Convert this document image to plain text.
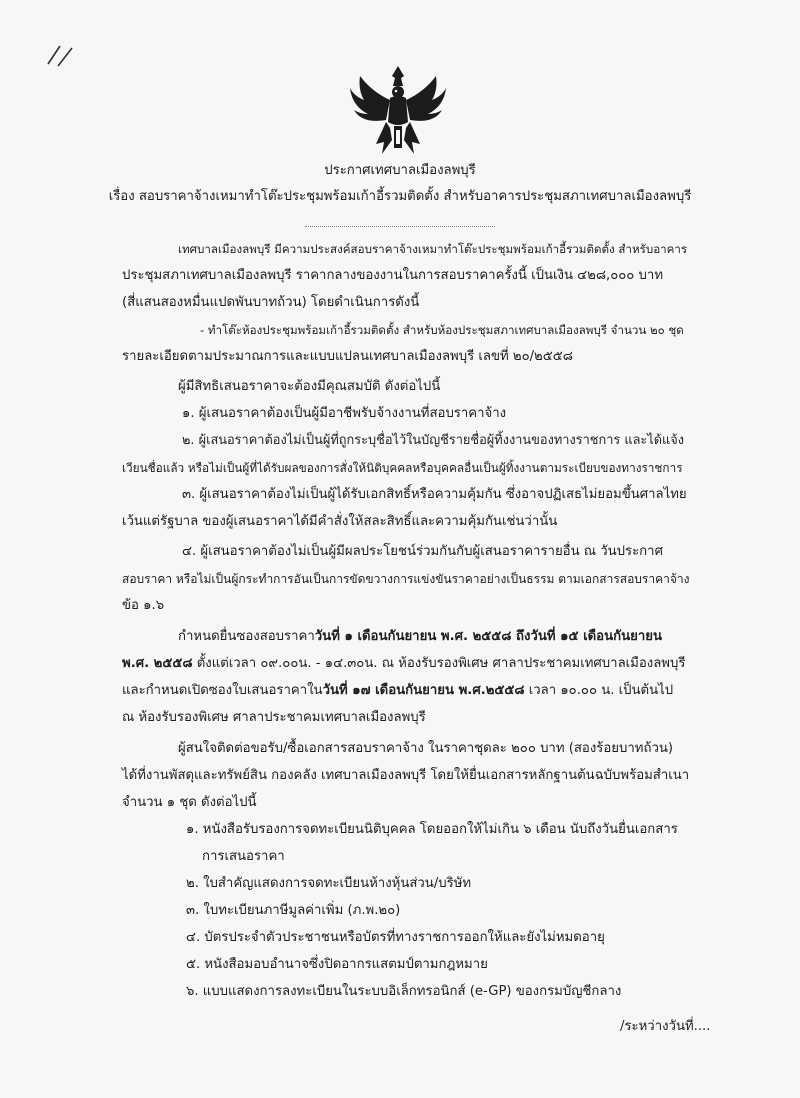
ประกาศเทศบาลเมืองลพบุรี
เรื่อง สอบราคาจ้างเหมาทำโต๊ะประชุมพร้อมเก้าอี้รวมติดตั้ง สำหรับอาคารประชุมสภาเทศบาลเมืองลพบุรี
เทศบาลเมืองลพบุรี มีความประสงค์สอบราคาจ้างเหมาทำโต๊ะประชุมพร้อมเก้าอี้รวมติดตั้ง สำหรับอาคาร
ประชุมสภาเทศบาลเมืองลพบุรี ราคากลางของงานในการสอบราคาครั้งนี้ เป็นเงิน ๔๒๘,๐๐๐ บาท
(สี่แสนสองหมื่นแปดพันบาทถ้วน) โดยดำเนินการดังนี้
- ทำโต๊ะห้องประชุมพร้อมเก้าอี้รวมติดตั้ง สำหรับห้องประชุมสภาเทศบาลเมืองลพบุรี จำนวน ๒๐ ชุด
รายละเอียดตามประมาณการและแบบแปลนเทศบาลเมืองลพบุรี เลขที่ ๒๐/๒๕๕๘
ผู้มีสิทธิเสนอราคาจะต้องมีคุณสมบัติ ดังต่อไปนี้
๑. ผู้เสนอราคาต้องเป็นผู้มีอาชีพรับจ้างงานที่สอบราคาจ้าง
๒. ผู้เสนอราคาต้องไม่เป็นผู้ที่ถูกระบุชื่อไว้ในบัญชีรายชื่อผู้ทิ้งงานของทางราชการ และได้แจ้ง
เวียนชื่อแล้ว หรือไม่เป็นผู้ที่ได้รับผลของการสั่งให้นิติบุคคลหรือบุคคลอื่นเป็นผู้ทิ้งงานตามระเบียบของทางราชการ
๓. ผู้เสนอราคาต้องไม่เป็นผู้ได้รับเอกสิทธิ์หรือความคุ้มกัน ซึ่งอาจปฏิเสธไม่ยอมขึ้นศาลไทย
เว้นแต่รัฐบาล ของผู้เสนอราคาได้มีคำสั่งให้สละสิทธิ์และความคุ้มกันเช่นว่านั้น
๔. ผู้เสนอราคาต้องไม่เป็นผู้มีผลประโยชน์ร่วมกันกับผู้เสนอราคารายอื่น ณ วันประกาศ
สอบราคา หรือไม่เป็นผู้กระทำการอันเป็นการขัดขวางการแข่งขันราคาอย่างเป็นธรรม ตามเอกสารสอบราคาจ้าง
ข้อ ๑.๖
กำหนดยื่นซองสอบราคาวันที่ ๑ เดือนกันยายน พ.ศ. ๒๕๕๘ ถึงวันที่ ๑๕ เดือนกันยายน
พ.ศ. ๒๕๕๘ ตั้งแต่เวลา ๐๙.๐๐น. - ๑๔.๓๐น. ณ ห้องรับรองพิเศษ ศาลาประชาคมเทศบาลเมืองลพบุรี
และกำหนดเปิดซองใบเสนอราคาในวันที่ ๑๗ เดือนกันยายน พ.ศ.๒๕๕๘ เวลา ๑๐.๐๐ น. เป็นต้นไป
ณ ห้องรับรองพิเศษ ศาลาประชาคมเทศบาลเมืองลพบุรี
ผู้สนใจติดต่อขอรับ/ซื้อเอกสารสอบราคาจ้าง ในราคาชุดละ ๒๐๐ บาท (สองร้อยบาทถ้วน)
ได้ที่งานพัสดุและทรัพย์สิน กองคลัง เทศบาลเมืองลพบุรี โดยให้ยื่นเอกสารหลักฐานต้นฉบับพร้อมสำเนา
จำนวน ๑ ชุด ดังต่อไปนี้
๑. หนังสือรับรองการจดทะเบียนนิติบุคคล โดยออกให้ไม่เกิน ๖ เดือน นับถึงวันยื่นเอกสาร
การเสนอราคา
๒. ใบสำคัญแสดงการจดทะเบียนห้างหุ้นส่วน/บริษัท
๓. ใบทะเบียนภาษีมูลค่าเพิ่ม (ภ.พ.๒๐)
๔. บัตรประจำตัวประชาชนหรือบัตรที่ทางราชการออกให้และยังไม่หมดอายุ
๕. หนังสือมอบอำนาจซึ่งปิดอากรแสตมป์ตามกฎหมาย
๖. แบบแสดงการลงทะเบียนในระบบอิเล็กทรอนิกส์ (e-GP) ของกรมบัญชีกลาง
/ระหว่างวันที่....
